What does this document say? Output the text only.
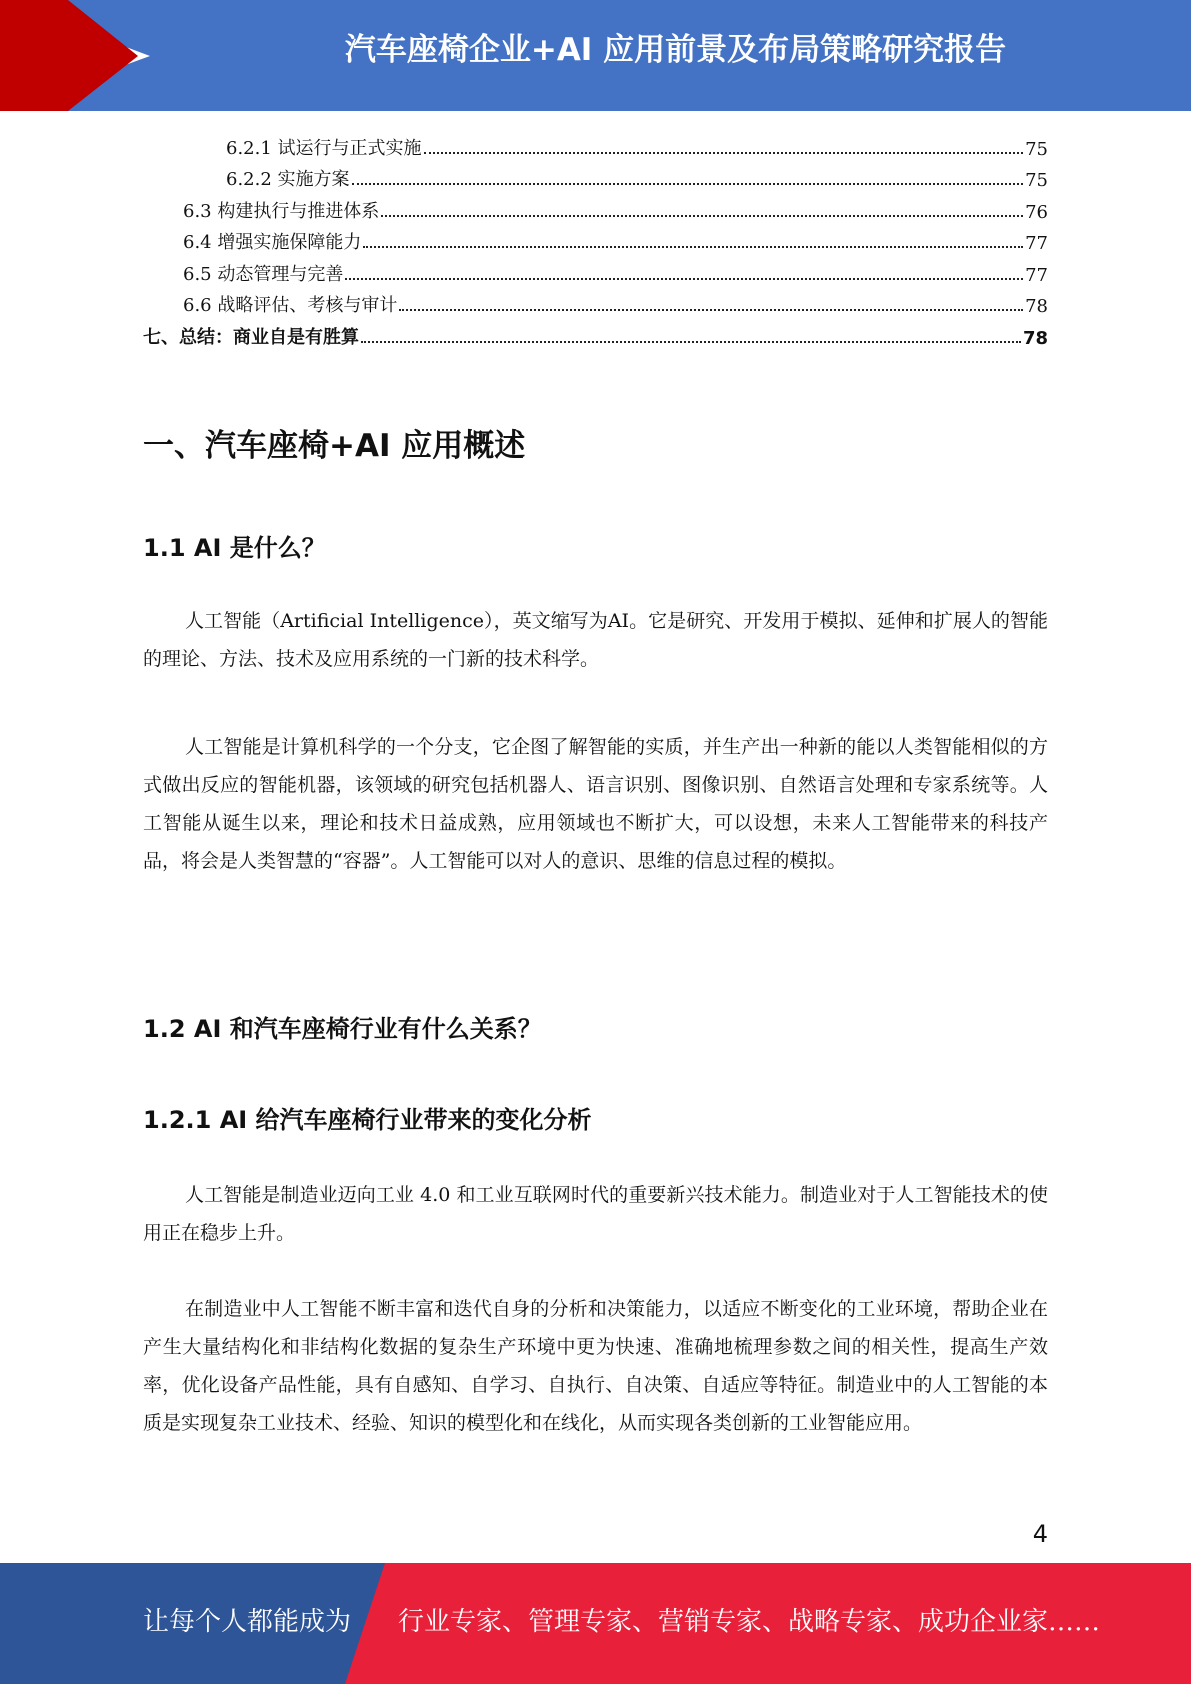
汽车座椅企业+AI 应用前景及布局策略研究报告
6.2.1 试运行与正式实施	75
6.2.2 实施方案	75
6.3 构建执行与推进体系	76
6.4 增强实施保障能力	77
6.5 动态管理与完善	77
6.6 战略评估、考核与审计	78
七、总结：商业自是有胜算	78
一、汽车座椅+AI 应用概述
1.1 AI 是什么？

人工智能（Artificial Intelligence），英文缩写为AI。它是研究、开发用于模拟、延伸和扩展人的智能的理论、方法、技术及应用系统的一门新的技术科学。

人工智能是计算机科学的一个分支，它企图了解智能的实质，并生产出一种新的能以人类智能相似的方式做出反应的智能机器，该领域的研究包括机器人、语言识别、图像识别、自然语言处理和专家系统等。人工智能从诞生以来，理论和技术日益成熟，应用领域也不断扩大，可以设想，未来人工智能带来的科技产品，将会是人类智慧的“容器”。人工智能可以对人的意识、思维的信息过程的模拟。

1.2 AI 和汽车座椅行业有什么关系？
1.2.1 AI 给汽车座椅行业带来的变化分析

人工智能是制造业迈向工业 4.0 和工业互联网时代的重要新兴技术能力。制造业对于人工智能技术的使用正在稳步上升。

在制造业中人工智能不断丰富和迭代自身的分析和决策能力，以适应不断变化的工业环境，帮助企业在产生大量结构化和非结构化数据的复杂生产环境中更为快速、准确地梳理参数之间的相关性，提高生产效率，优化设备产品性能，具有自感知、自学习、自执行、自决策、自适应等特征。制造业中的人工智能的本质是实现复杂工业技术、经验、知识的模型化和在线化，从而实现各类创新的工业智能应用。

4
让每个人都能成为 行业专家、管理专家、营销专家、战略专家、成功企业家……
